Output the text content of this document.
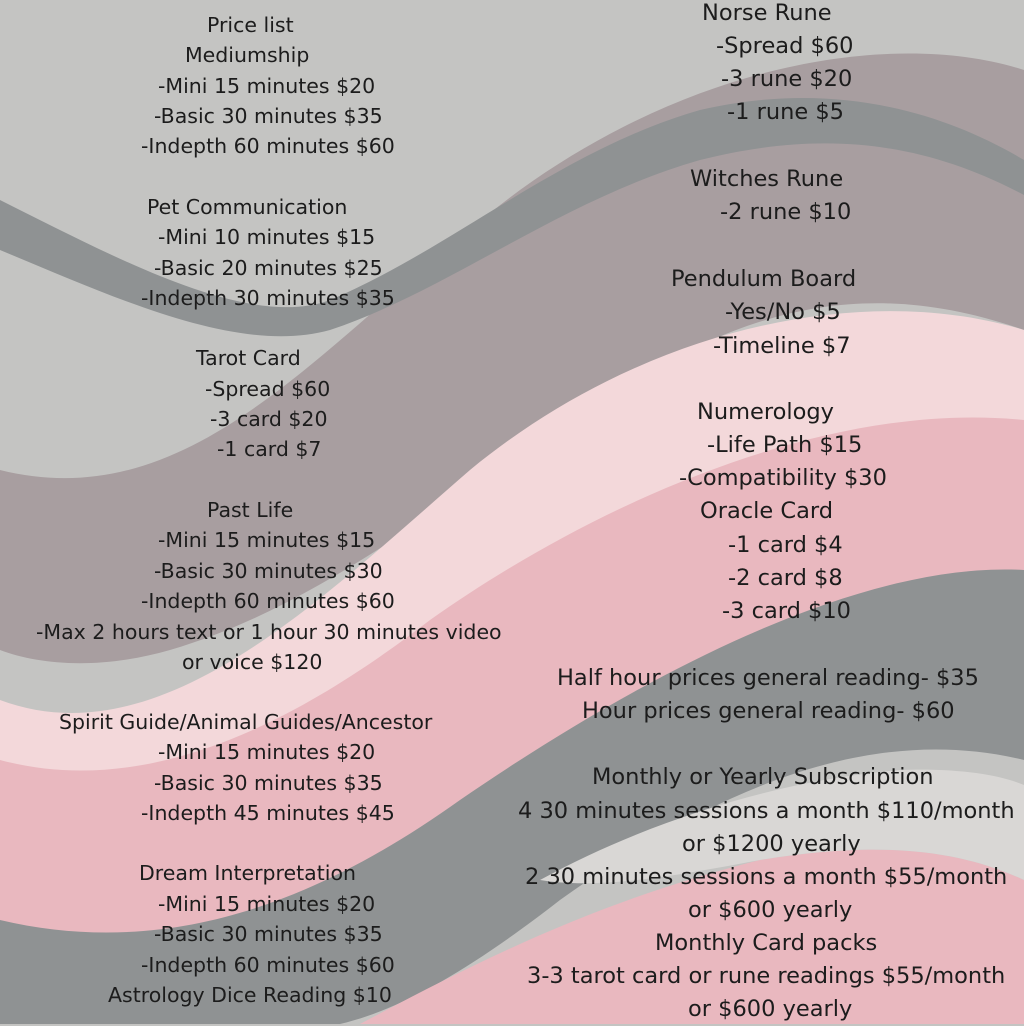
Price list
Mediumship
-Mini 15 minutes $20
-Basic 30 minutes $35
-Indepth 60 minutes $60
Pet Communication
-Mini 10 minutes $15
-Basic 20 minutes $25
-Indepth 30 minutes $35
Tarot Card
-Spread $60
-3 card $20
-1 card $7
Past Life
-Mini 15 minutes $15
-Basic 30 minutes $30
-Indepth 60 minutes $60
-Max 2 hours text or 1 hour 30 minutes video
or voice $120
Spirit Guide/Animal Guides/Ancestor
-Mini 15 minutes $20
-Basic 30 minutes $35
-Indepth 45 minutes $45
Dream Interpretation
-Mini 15 minutes $20
-Basic 30 minutes $35
-Indepth 60 minutes $60
Astrology Dice Reading $10
Norse Rune
-Spread $60
-3 rune $20
-1 rune $5
Witches Rune
-2 rune $10
Pendulum Board
-Yes/No $5
-Timeline $7
Numerology
-Life Path $15
-Compatibility $30
Oracle Card
-1 card $4
-2 card $8
-3 card $10
Half hour prices general reading- $35
Hour prices general reading- $60
Monthly or Yearly Subscription
4 30 minutes sessions a month $110/month
or $1200 yearly
2 30 minutes sessions a month $55/month
or $600 yearly
Monthly Card packs
3-3 tarot card or rune readings $55/month
or $600 yearly
